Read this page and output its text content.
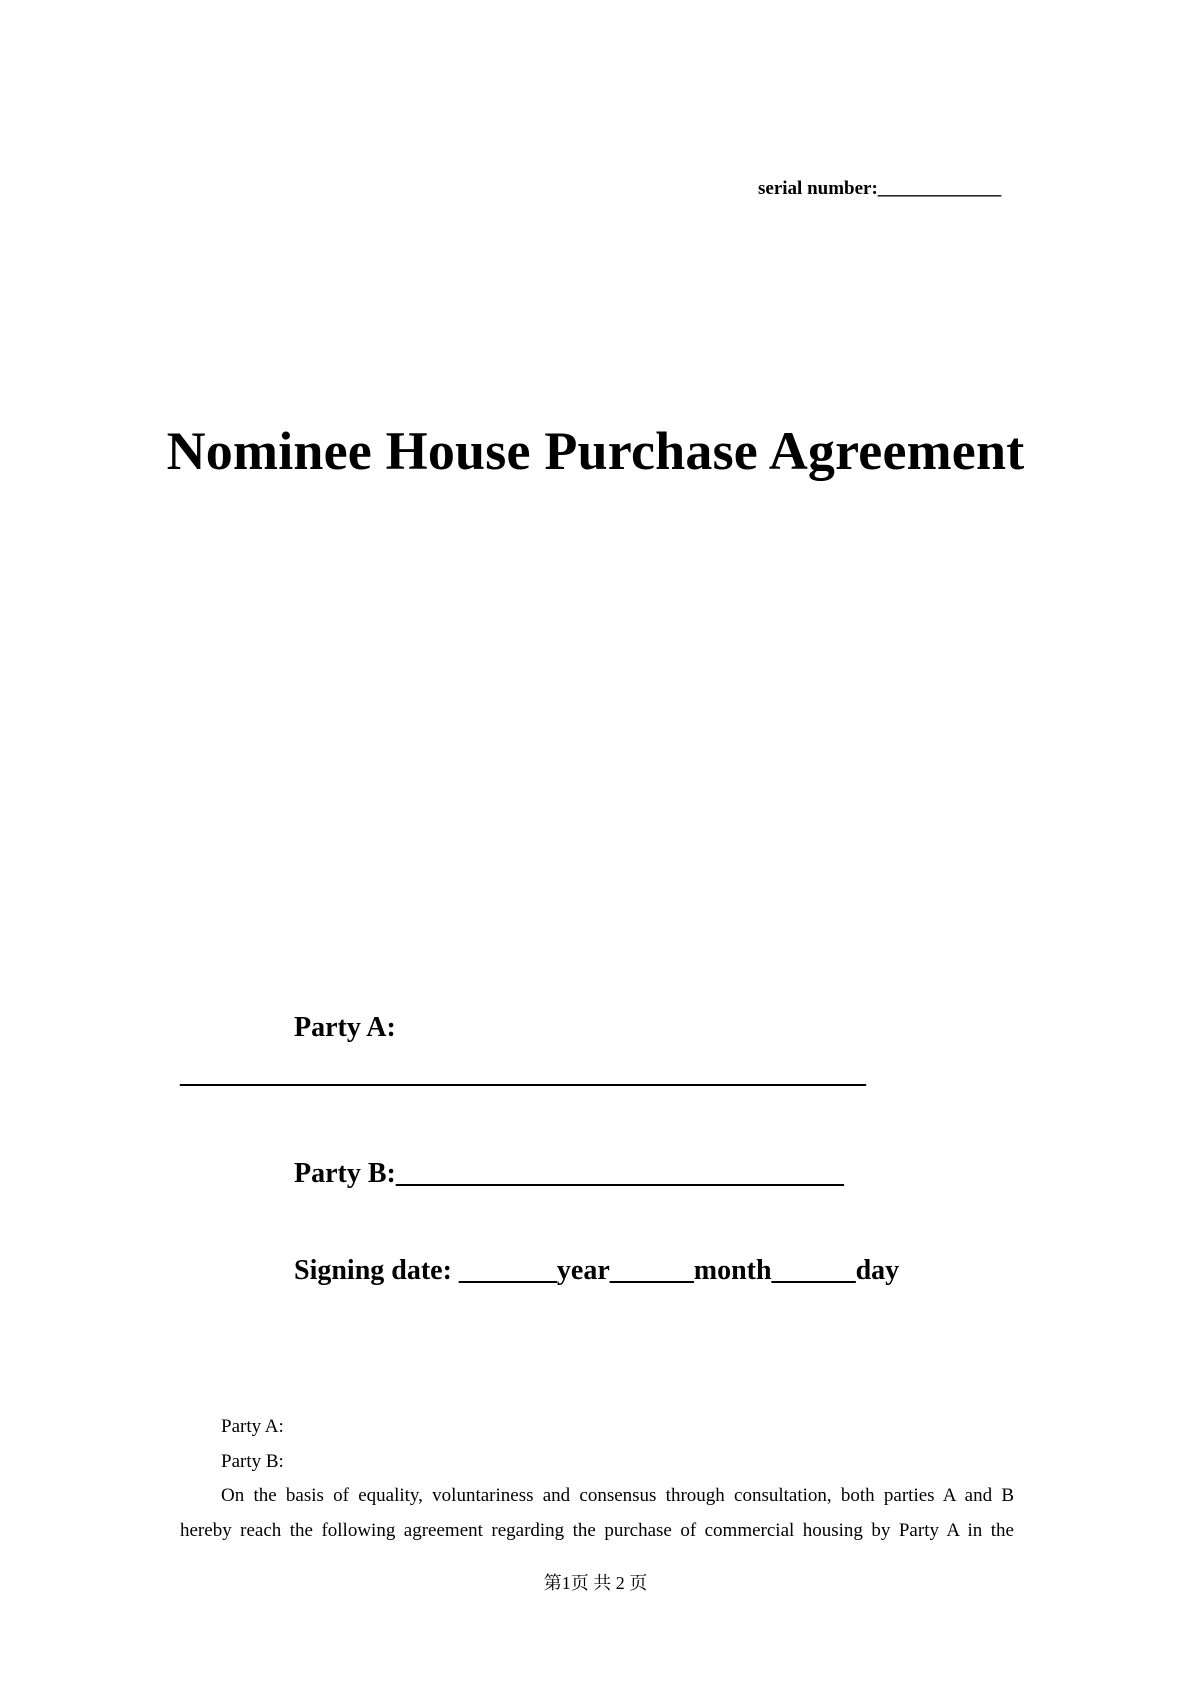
serial number:_____________
Nominee House Purchase Agreement
Party A:
_________________________________________________
Party B:________________________________
Signing date: _______year______month______day
Party A:
Party B:
On the basis of equality, voluntariness and consensus through consultation, both parties A and B
hereby reach the following agreement regarding the purchase of commercial housing by Party A in the
第1页 共 2 页
